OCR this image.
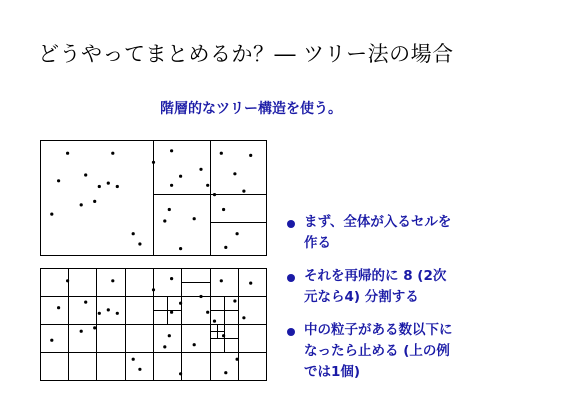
どうやってまとめるか？― ツリー法の場合
階層的なツリー構造を使う。
まず、全体が入るセルを
作る
それを再帰的に 8 (2次
元なら4) 分割する
中の粒子がある数以下に
なったら止める (上の例
では1個)
